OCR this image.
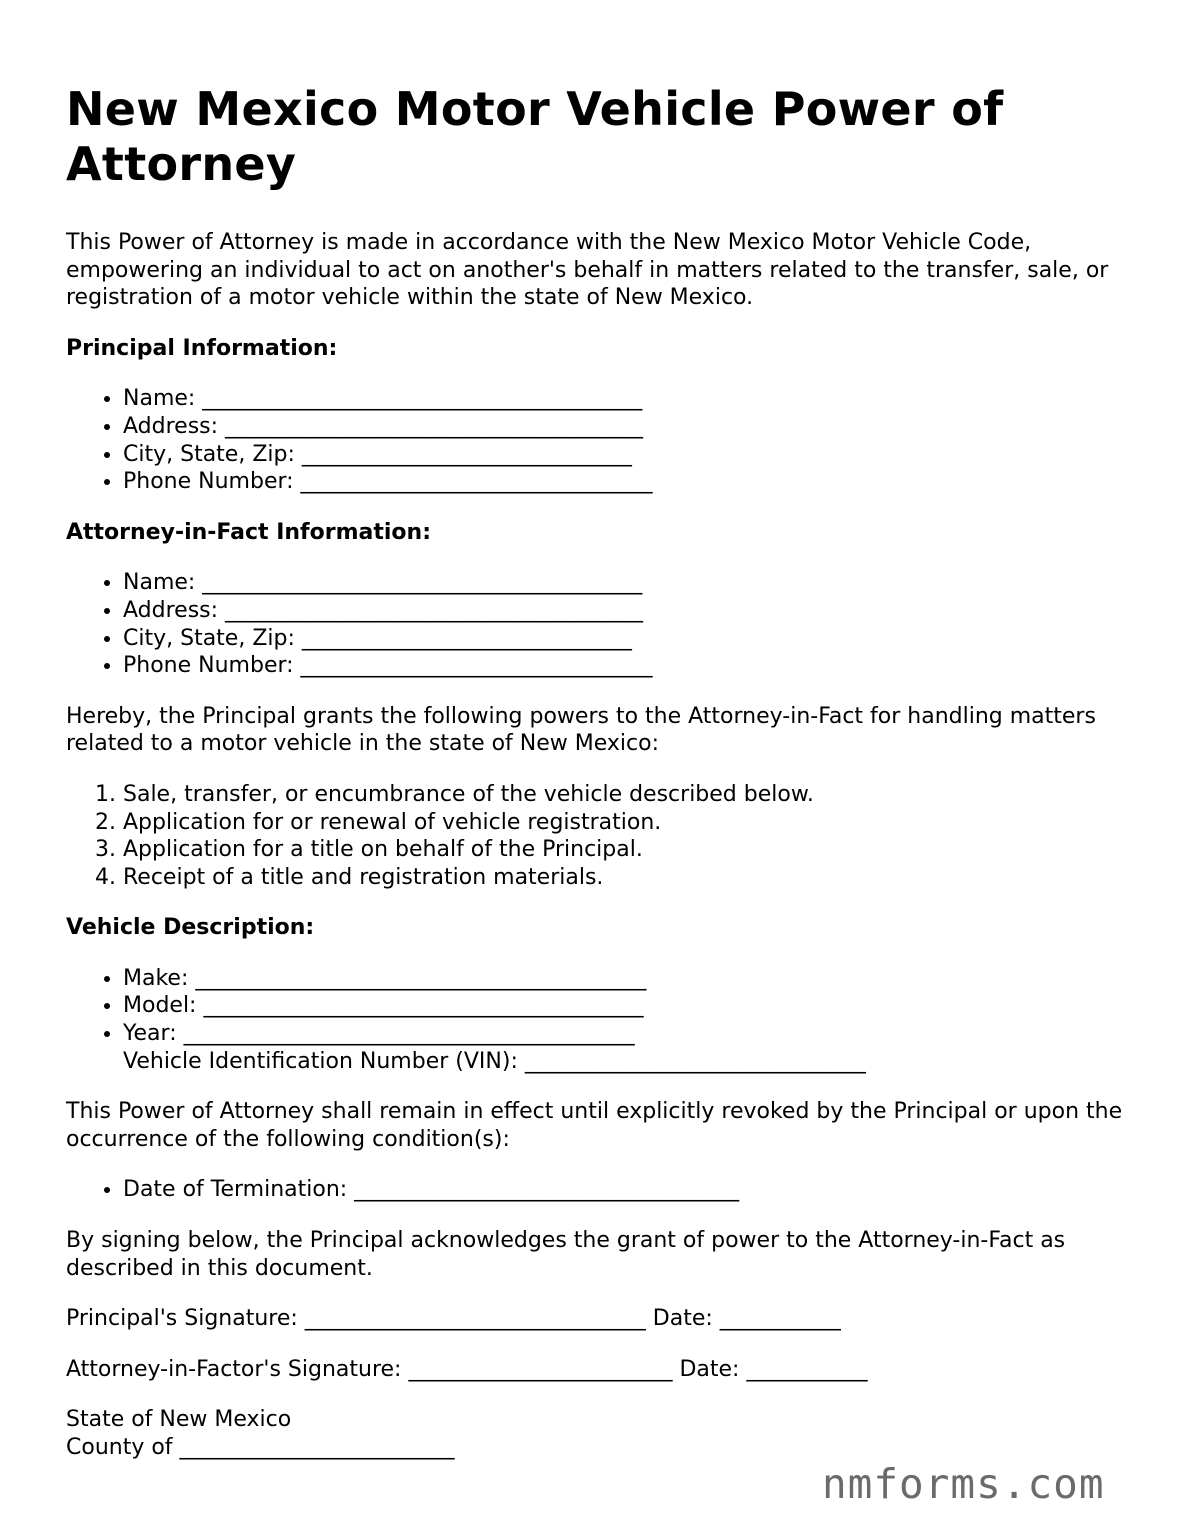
New Mexico Motor Vehicle Power of Attorney

This Power of Attorney is made in accordance with the New Mexico Motor Vehicle Code, empowering an individual to act on another's behalf in matters related to the transfer, sale, or registration of a motor vehicle within the state of New Mexico.

Principal Information:
• Name: ________________________________________
• Address: ______________________________________
• City, State, Zip: ______________________________
• Phone Number: ________________________________
Attorney-in-Fact Information:
• Name: ________________________________________
• Address: ______________________________________
• City, State, Zip: ______________________________
• Phone Number: ________________________________

Hereby, the Principal grants the following powers to the Attorney-in-Fact for handling matters related to a motor vehicle in the state of New Mexico:

1. Sale, transfer, or encumbrance of the vehicle described below.
2. Application for or renewal of vehicle registration.
3. Application for a title on behalf of the Principal.
4. Receipt of a title and registration materials.
Vehicle Description:
• Make: _________________________________________
• Model: ________________________________________
• Year: _________________________________________
Vehicle Identification Number (VIN): _______________________________

This Power of Attorney shall remain in effect until explicitly revoked by the Principal or upon the occurrence of the following condition(s):

• Date of Termination: ___________________________________

By signing below, the Principal acknowledges the grant of power to the Attorney-in-Fact as described in this document.

Principal's Signature: _______________________________ Date: ___________
Attorney-in-Factor's Signature: ________________________ Date: ___________
State of New Mexico
County of _________________________
nmforms.com
